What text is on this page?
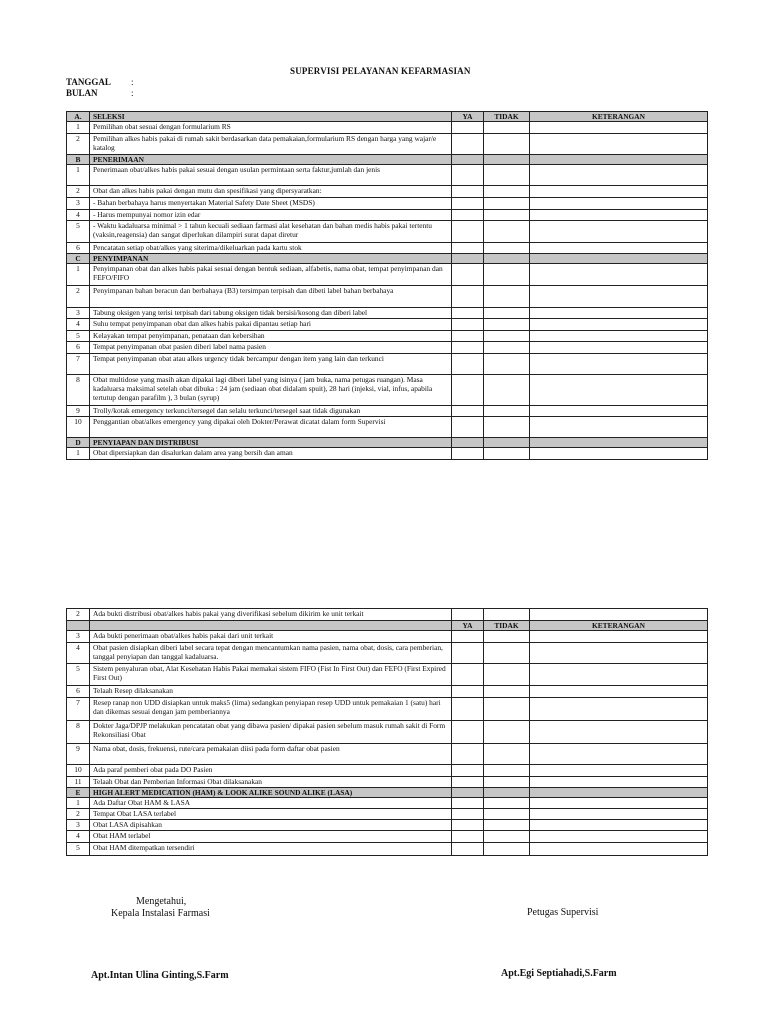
SUPERVISI PELAYANAN KEFARMASIAN
TANGGAL :
BULAN	:
A.	SELEKSI	YA	TIDAK	KETERANGAN
1	Pemilihan obat sesuai dengan formularium RS			
2	Pemilihan alkes habis pakai di rumah sakit berdasarkan data pemakaian,formularium RS dengan harga yang wajar/e katalog			
B	PENERIMAAN			
1	Penerimaan obat/alkes habis pakai sesuai dengan usulan permintaan serta faktur,jumlah dan jenis			
2	Obat dan alkes habis pakai dengan mutu dan spesifikasi yang dipersyaratkan:			
3	- Bahan berbahaya harus menyertakan Material Safety Date Sheet (MSDS)			
4	- Harus mempunyai nomor izin edar			
5	- Waktu kadaluarsa minimal > 1 tahun kecuali sediaan farmasi alat kesehatan dan bahan medis habis pakai tertentu (vaksin,reagensia) dan sangat diperlukan dilampiri surat dapat diretur			
6	Pencatatan setiap obat/alkes yang siterima/dikeluarkan pada kartu stok			
C	PENYIMPANAN			
1	Penyimpanan obat dan alkes habis pakai sesuai dengan bentuk sediaan, alfabetis, nama obat, tempat penyimpanan dan FEFO/FIFO			
2	Penyimpanan bahan beracun dan berbahaya (B3) tersimpan terpisah dan dibeti label bahan berbahaya			
3	Tabung oksigen yang terisi terpisah dari tabung oksigen tidak bersisi/kosong dan diberi label			
4	Suhu tempat penyimpanan obat dan alkes habis pakai dipantau setiap hari			
5	Kelayakan tempat penyimpanan, penataan dan kebersihan			
6	Tempat penyimpanan obat pasien diberi label nama pasien			
7	Tempat penyimpanan obat atau alkes urgency tidak bercampur dengan item yang lain dan terkunci			
8	Obat multidose yang masih akan dipakai lagi diberi label yang isinya ( jam buka, nama petugas ruangan). Masa kadaluarsa maksimal setelah obat dibuka : 24 jam (sediaan obat didalam spuit), 28 hari (injeksi, vial, infus, apabila tertutup dengan parafilm ), 3 bulan (syrup)			
9	Trolly/kotak emergency terkunci/tersegel dan selalu terkunci/tersegel saat tidak digunakan			
10	Penggantian obat/alkes emergency yang dipakai oleh Dokter/Perawat dicatat dalam form Supervisi			
D	PENYIAPAN DAN DISTRIBUSI			
1	Obat dipersiapkan dan disalurkan dalam area yang bersih dan aman			
2	Ada bukti distribusi obat/alkes habis pakai yang diverifikasi sebelum dikirim ke unit terkait			
		YA	TIDAK	KETERANGAN
3	Ada bukti penerimaan obat/alkes habis pakai dari unit terkait			
4	Obat pasien disiapkan diberi label secara tepat dengan mencantumkan nama pasien, nama obat, dosis, cara pemberian, tanggal penyiapan dan tanggal kadaluarsa.			
5	Sistem penyaluran obat, Alat Kesehatan Habis Pakai memakai sistem FIFO (Fist In First Out) dan FEFO (First Expired First Out)			
6	Telaah Resep dilaksanakan			
7	Resep ranap non UDD disiapkan untuk maks5 (lima) sedangkan penyiapan resep UDD untuk pemakaian 1 (satu) hari dan dikemas sesuai dengan jam pemberiannya			
8	Dokter Jaga/DPJP melakukan pencatatan obat yang dibawa pasien/ dipakai pasien sebelum masuk rumah sakit di Form Rekonsiliasi Obat			
9	Nama obat, dosis, frekuensi, rute/cara pemakaian diisi pada form daftar obat pasien			
10	Ada paraf pemberi obat pada DO Pasien			
11	Telaah Obat dan Pemberian Informasi Obat dilaksanakan			
E	HIGH ALERT MEDICATION (HAM) & LOOK ALIKE SOUND ALIKE (LASA)			
1	Ada Daftar Obat HAM & LASA			
2	Tempat Obat LASA terlabel			
3	Obat LASA dipisahkan			
4	Obat HAM terlabel			
5	Obat HAM ditempatkan tersendiri			
Mengetahui,
Kepala Instalasi Farmasi	Petugas Supervisi
Apt.Intan Ulina Ginting,S.Farm	Apt.Egi Septiahadi,S.Farm
